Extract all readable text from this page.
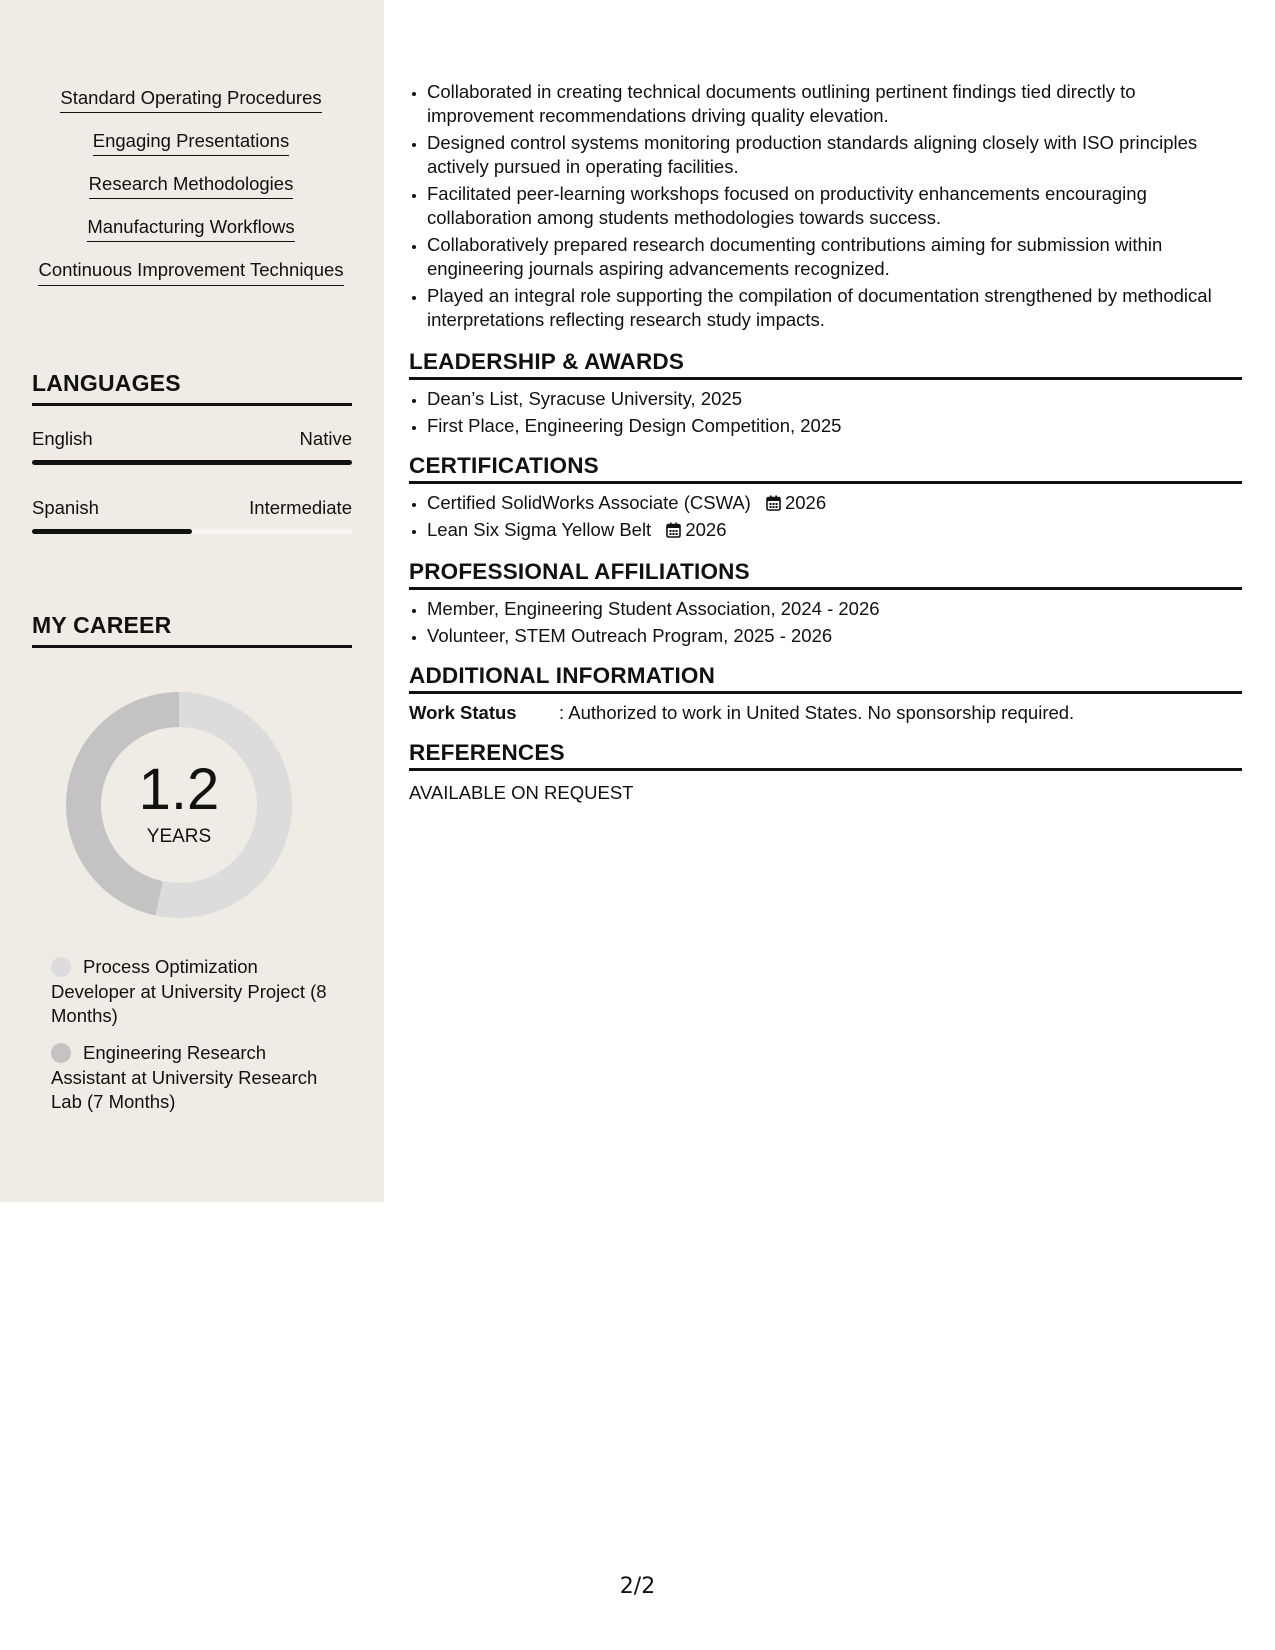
Standard Operating Procedures
Engaging Presentations
Research Methodologies
Manufacturing Workflows
Continuous Improvement Techniques
LANGUAGES
English	Native
Spanish	Intermediate
MY CAREER
1.2
YEARS
Process Optimization Developer at University Project (8 Months)
Engineering Research Assistant at University Research Lab (7 Months)
• Collaborated in creating technical documents outlining pertinent findings tied directly to improvement recommendations driving quality elevation.
• Designed control systems monitoring production standards aligning closely with ISO principles actively pursued in operating facilities.
• Facilitated peer-learning workshops focused on productivity enhancements encouraging collaboration among students methodologies towards success.
• Collaboratively prepared research documenting contributions aiming for submission within engineering journals aspiring advancements recognized.
• Played an integral role supporting the compilation of documentation strengthened by methodical interpretations reflecting research study impacts.
LEADERSHIP & AWARDS
• Dean’s List, Syracuse University, 2025
• First Place, Engineering Design Competition, 2025
CERTIFICATIONS
• Certified SolidWorks Associate (CSWA) 2026
• Lean Six Sigma Yellow Belt 2026
PROFESSIONAL AFFILIATIONS
• Member, Engineering Student Association, 2024 - 2026
• Volunteer, STEM Outreach Program, 2025 - 2026
ADDITIONAL INFORMATION
Work Status	: Authorized to work in United States. No sponsorship required.
REFERENCES
AVAILABLE ON REQUEST
2/2
